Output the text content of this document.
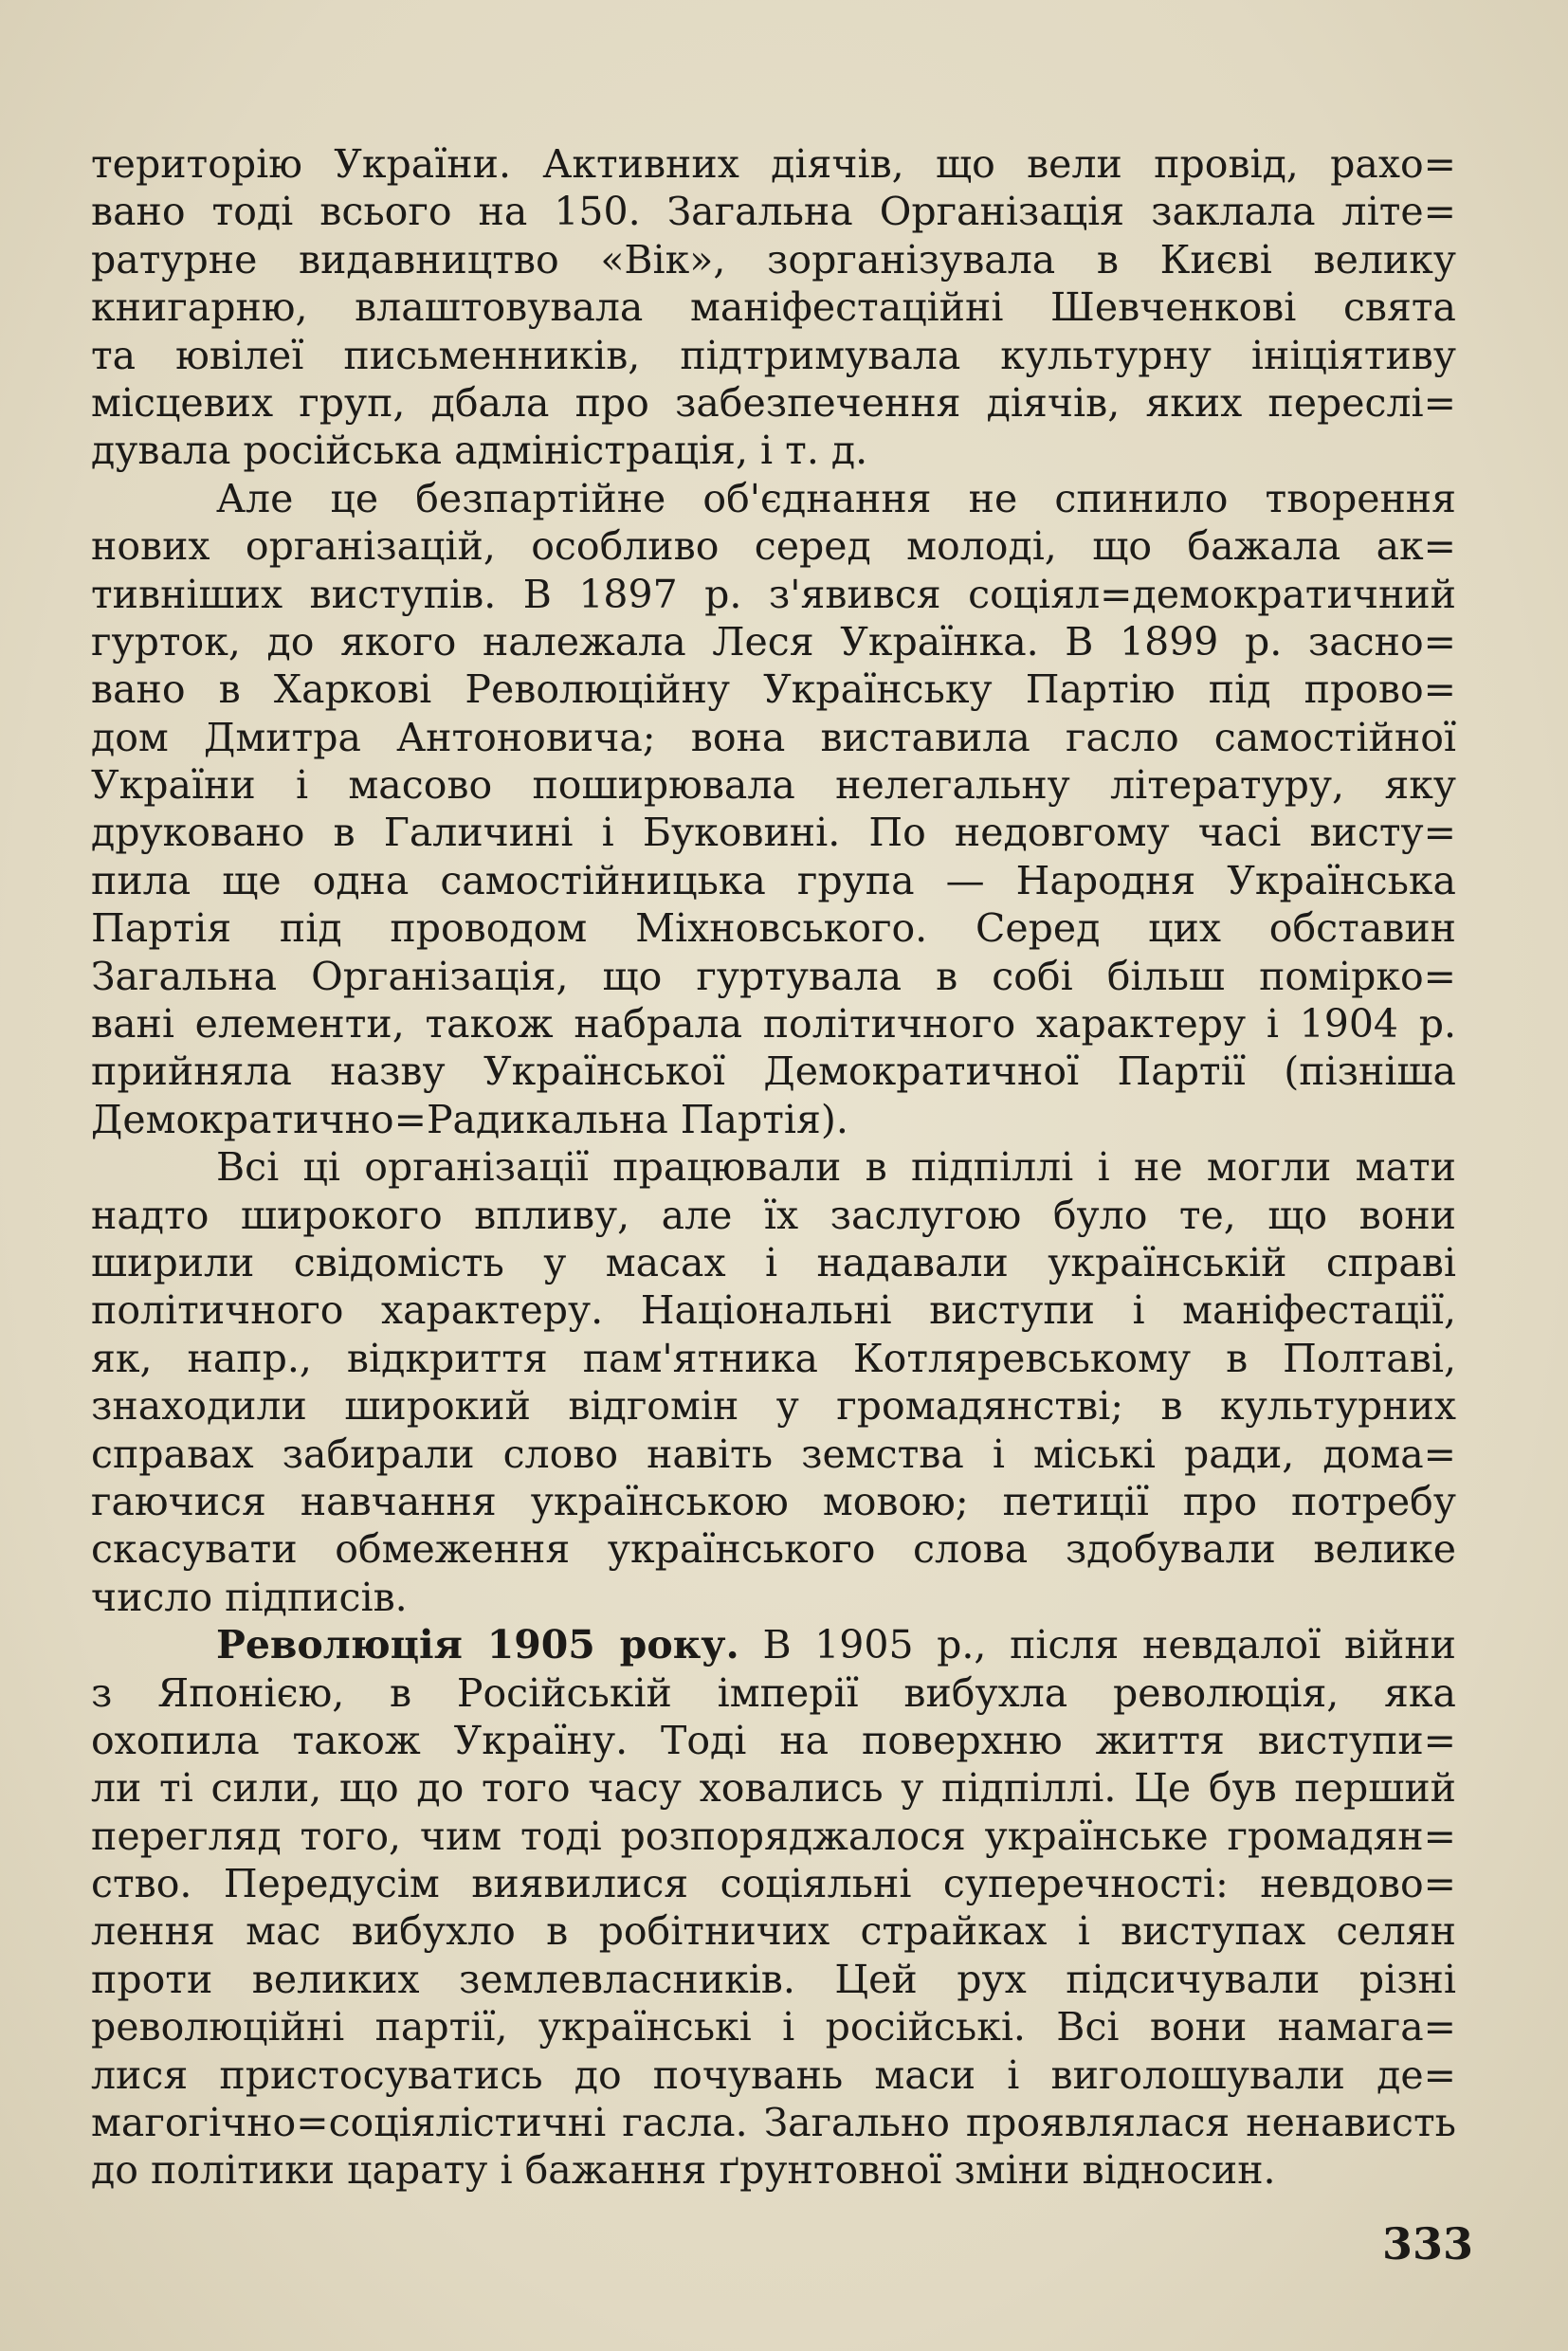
територію України. Активних діячів, що вели провід, рахо=
вано тоді всього на 150. Загальна Організація заклала літе=
ратурне видавництво «Вік», зорганізувала в Києві велику
книгарню, влаштовувала маніфестаційні Шевченкові свята
та ювілеї письменників, підтримувала культурну ініціятиву
місцевих груп, дбала про забезпечення діячів, яких переслі=
дувала російська адміністрація, і т. д.
Але це безпартійне об'єднання не спинило творення
нових організацій, особливо серед молоді, що бажала ак=
тивніших виступів. В 1897 р. з'явився соціял=демократичний
гурток, до якого належала Леся Українка. В 1899 р. засно=
вано в Харкові Революційну Українську Партію під прово=
дом Дмитра Антоновича; вона виставила гасло самостійної
України і масово поширювала нелегальну літературу, яку
друковано в Галичині і Буковині. По недовгому часі висту=
пила ще одна самостійницька група — Народня Українська
Партія під проводом Міхновського. Серед цих обставин
Загальна Організація, що гуртувала в собі більш поміркo=
вані елементи, також набрала політичного характеру і 1904 р.
прийняла назву Української Демократичної Партії (пізніша
Демократично=Радикальна Партія).
Всі ці організації працювали в підпіллі і не могли мати
надто широкого впливу, але їх заслугою було те, що вони
ширили свідомість у масах і надавали українській справі
політичного характеру. Національні виступи і маніфестації,
як, напр., відкриття пам'ятника Котляревському в Полтаві,
знаходили широкий відгомін у громадянстві; в культурних
справах забирали слово навіть земства і міські ради, дома=
гаючися навчання українською мовою; петиції про потребу
скасувати обмеження українського слова здобували велике
число підписів.
Революція 1905 року. В 1905 р., після невдалої війни
з Японією, в Російській імперії вибухла революція, яка
охопила також Україну. Тоді на поверхню життя виступи=
ли ті сили, що до того часу ховались у підпіллі. Це був перший
перегляд того, чим тоді розпоряджалося українське громадян=
ство. Передусім виявилися соціяльні суперечності: невдово=
лення мас вибухло в робітничих страйках і виступах селян
проти великих землевласників. Цей рух підсичували різні
революційні партії, українські і російські. Всі вони намага=
лися пристосуватись до почувань маси і виголошували де=
магогічно=соціялістичні гасла. Загально проявлялася ненависть
до політики царату і бажання ґрунтовної зміни відносин.
333
